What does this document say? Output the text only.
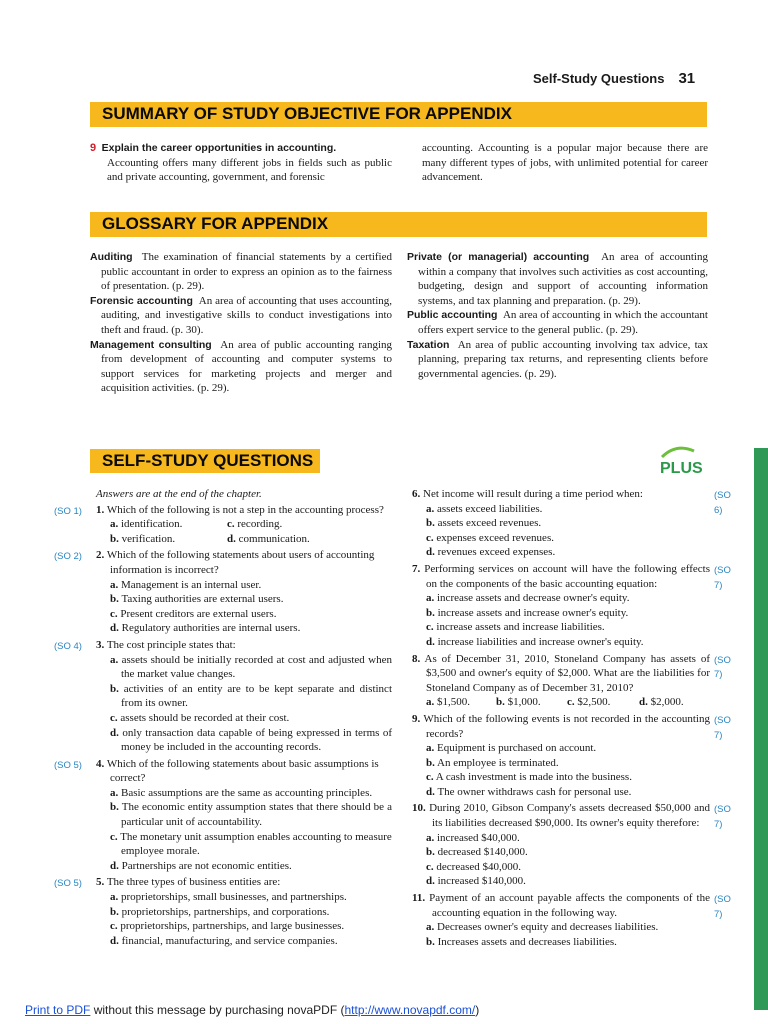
Self-Study Questions 31
SUMMARY OF STUDY OBJECTIVE FOR APPENDIX

9 Explain the career opportunities in accounting.

Accounting offers many different jobs in fields such as public and private accounting, government, and forensic

accounting. Accounting is a popular major because there are many different types of jobs, with unlimited potential for career advancement.
GLOSSARY FOR APPENDIX

Auditing The examination of financial statements by a certified public accountant in order to express an opinion as to the fairness of presentation. (p. 29).

Forensic accounting An area of accounting that uses accounting, auditing, and investigative skills to conduct investigations into theft and fraud. (p. 30).

Management consulting An area of public accounting ranging from development of accounting and computer systems to support services for marketing projects and merger and acquisition activities. (p. 29).

Private (or managerial) accounting An area of accounting within a company that involves such activities as cost accounting, budgeting, design and support of accounting information systems, and tax planning and preparation. (p. 29).

Public accounting An area of accounting in which the accountant offers expert service to the general public. (p. 29).

Taxation An area of public accounting involving tax advice, tax planning, preparing tax returns, and representing clients before governmental agencies. (p. 29).

SELF-STUDY QUESTIONS	PLUS

Answers are at the end of the chapter.

(SO 1) 1. Which of the following is not a step in the accounting process?

a. identification.	c. recording.
b. verification.	d. communication.
(SO 2) 2. Which of the following statements about users of accounting information is incorrect?

a. Management is an internal user.

b. Taxing authorities are external users.

c. Present creditors are external users.

d. Regulatory authorities are internal users.

(SO 4) 3. The cost principle states that:

a. assets should be initially recorded at cost and adjusted when the market value changes.

b. activities of an entity are to be kept separate and distinct from its owner.

c. assets should be recorded at their cost.

d. only transaction data capable of being expressed in terms of money be included in the accounting records.

(SO 5) 4. Which of the following statements about basic assumptions is correct?

a. Basic assumptions are the same as accounting principles.

b. The economic entity assumption states that there should be a particular unit of accountability.

c. The monetary unit assumption enables accounting to measure employee morale.

d. Partnerships are not economic entities.

(SO 5) 5. The three types of business entities are:

a. proprietorships, small businesses, and partnerships.

b. proprietorships, partnerships, and corporations.

c. proprietorships, partnerships, and large businesses.

d. financial, manufacturing, and service companies.

(SO 6)

6. Net income will result during a time period when:

a. assets exceed liabilities.

b. assets exceed revenues.

c. expenses exceed revenues.

d. revenues exceed expenses.

(SO 7)

7. Performing services on account will have the following effects on the components of the basic accounting equation:

a. increase assets and decrease owner's equity.

b. increase assets and increase owner's equity.

c. increase assets and increase liabilities.

d. increase liabilities and increase owner's equity.

(SO 7)

8. As of December 31, 2010, Stoneland Company has assets of $3,500 and owner's equity of $2,000. What are the liabilities for Stoneland Company as of December 31, 2010?

a. $1,500.	b. $1,000.	c. $2,500.	d. $2,000.
(SO 7)

9. Which of the following events is not recorded in the accounting records?

a. Equipment is purchased on account.

b. An employee is terminated.

c. A cash investment is made into the business.

d. The owner withdraws cash for personal use.

(SO 7)

10. During 2010, Gibson Company's assets decreased $50,000 and its liabilities decreased $90,000. Its owner's equity therefore:

a. increased $40,000.

b. decreased $140,000.

c. decreased $40,000.

d. increased $140,000.

(SO 7)

11. Payment of an account payable affects the components of the accounting equation in the following way.

a. Decreases owner's equity and decreases liabilities.

b. Increases assets and decreases liabilities.

Print to PDF without this message by purchasing novaPDF (http://www.novapdf.com/)
